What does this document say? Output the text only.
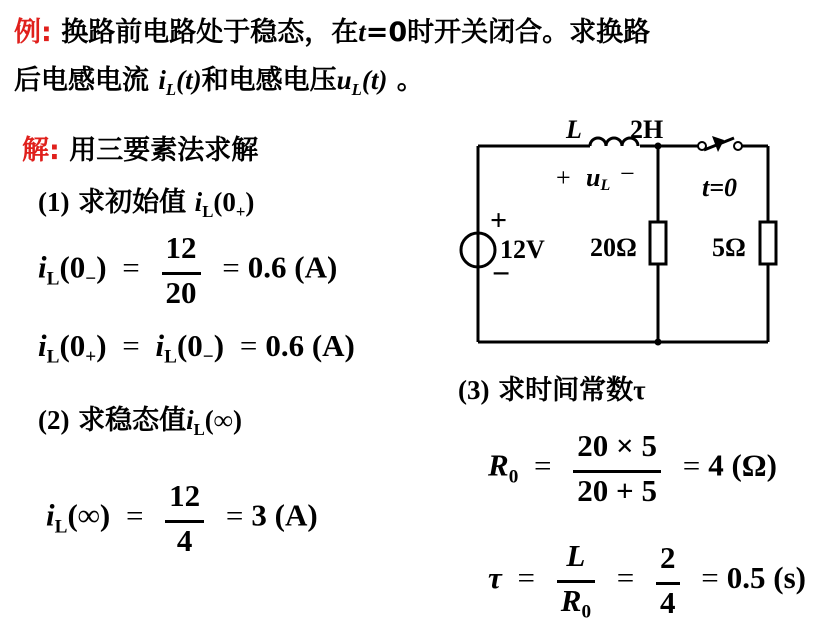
例: 换路前电路处于稳态，在t=0时开关闭合。求换路
后电感电流 $i_L(t)$和电感电压$u_L(t)$ 。
解: 用三要素法求解
(1) 求初始值 $i_L(0_+)$
$i_L(0_-) = \frac{12}{20} = 0.6$ (A)
$i_L(0_+) = i_L(0_-) = 0.6$ (A)
(2) 求稳态值$i_L(\infty)$
$i_L(\infty) = \frac{12}{4} = 3$ (A)
(3) 求时间常数τ
$R_0 = \frac{20 \times 5}{20 + 5} = 4$ (Ω)
$\tau = \frac{L}{R_0} = \frac{2}{4} = 0.5$ (s)
L 2H
+ uL −	t=0
+
12V
−
20Ω	5Ω
